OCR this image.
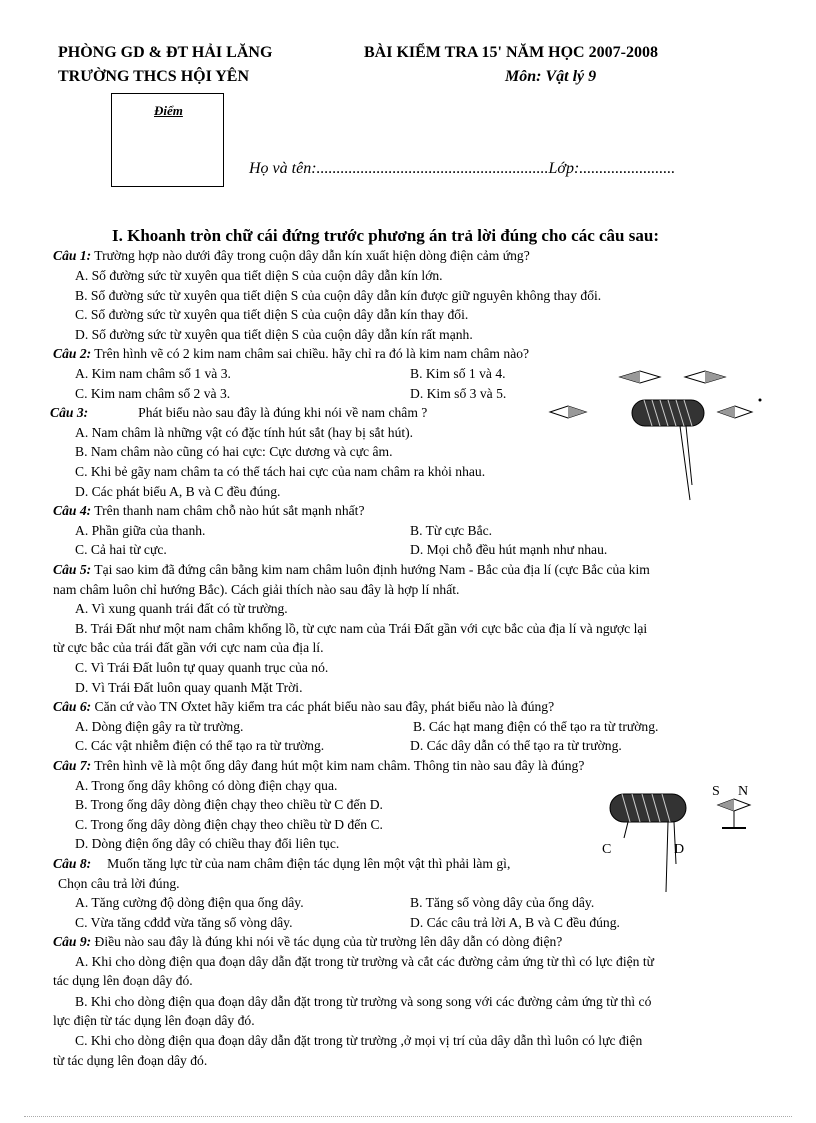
PHÒNG GD & ĐT HẢI LĂNG
TRƯỜNG THCS HỘI YÊN
BÀI KIỂM TRA 15' NĂM HỌC 2007-2008
Môn: Vật lý 9
Điểm
Họ và tên:..........................................................Lớp:........................
I. Khoanh tròn chữ cái đứng trước phương án trả lời đúng cho các câu sau:
Câu 1: Trường hợp nào dưới đây trong cuộn dây dẫn kín xuất hiện dòng điện cảm ứng?
A. Số đường sức từ xuyên qua tiết diện S của cuộn dây dẫn kín lớn.
B. Số đường sức từ xuyên qua tiết diện S của cuộn dây dẫn kín được giữ nguyên không thay đổi.
C. Số đường sức từ xuyên qua tiết diện S của cuộn dây dẫn kín thay đổi.
D. Số đường sức từ xuyên qua tiết diện S của cuộn dây dẫn kín rất mạnh.
Câu 2: Trên hình vẽ có 2 kim nam châm sai chiều. hãy chỉ ra đó là kim nam châm nào?
A. Kim nam châm số 1 và 3.	B. Kim số 1 và 4.
C. Kim nam châm số 2 và 3.	D. Kim số 3 và 5.
Câu 3:	Phát biểu nào sau đây là đúng khi nói về nam châm ?
A. Nam châm là những vật có đặc tính hút sắt (hay bị sắt hút).
B. Nam châm nào cũng có hai cực: Cực dương và cực âm.
C. Khi bẻ gãy nam châm ta có thể tách hai cực của nam châm ra khỏi nhau.
D. Các phát biểu A, B và C đều đúng.
Câu 4: Trên thanh nam châm chỗ nào hút sắt mạnh nhất?
A. Phần giữa của thanh.	B. Từ cực Bắc.
C. Cả hai từ cực.	D. Mọi chỗ đều hút mạnh như nhau.
Câu 5: Tại sao kim đã đứng cân bằng kim nam châm luôn định hướng Nam - Bắc của địa lí (cực Bắc của kim
nam châm luôn chỉ hướng Bắc). Cách giải thích nào sau đây là hợp lí nhất.
A. Vì xung quanh trái đất có từ trường.
B. Trái Đất như một nam châm khổng lồ, từ cực nam của Trái Đất gần với cực bắc của địa lí và ngược lại
từ cực bắc của trái đất gần với cực nam của địa lí.
C. Vì Trái Đất luôn tự quay quanh trục của nó.
D. Vì Trái Đất luôn quay quanh Mặt Trời.
Câu 6: Căn cứ vào TN Ơxtet hãy kiểm tra các phát biểu nào sau đây, phát biểu nào là đúng?
A. Dòng điện gây ra từ trường.	B. Các hạt mang điện có thể tạo ra từ trường.
C. Các vật nhiễm điện có thể tạo ra từ trường.	D. Các dây dẫn có thể tạo ra từ trường.
Câu 7: Trên hình vẽ là một ống dây đang hút một kim nam châm. Thông tin nào sau đây là đúng?
A. Trong ống dây không có dòng điện chạy qua.
B. Trong ống dây dòng điện chạy theo chiều từ C đến D.
C. Trong ống dây dòng điện chạy theo chiều từ D đến C.
D. Dòng điện ống dây có chiều thay đổi liên tục.
Câu 8: Muốn tăng lực từ của nam châm điện tác dụng lên một vật thì phải làm gì,
Chọn câu trả lời đúng.
A. Tăng cường độ dòng điện qua ống dây.	B. Tăng số vòng dây của ống dây.
C. Vừa tăng cđdđ vừa tăng số vòng dây.	D. Các câu trả lời A, B và C đều đúng.
Câu 9: Điều nào sau đây là đúng khi nói về tác dụng của từ trường lên dây dẫn có dòng điện?
A. Khi cho dòng điện qua đoạn dây dẫn đặt trong từ trường và cắt các đường cảm ứng từ thì có lực điện từ
tác dụng lên đoạn dây đó.
B. Khi cho dòng điện qua đoạn dây dẫn đặt trong từ trường và song song với các đường cảm ứng từ thì có
lực điện từ tác dụng lên đoạn dây đó.
C. Khi cho dòng điện qua đoạn dây dẫn đặt trong từ trường ,ở mọi vị trí của dây dẫn thì luôn có lực điện
từ tác dụng lên đoạn dây đó.
S N
C	D
